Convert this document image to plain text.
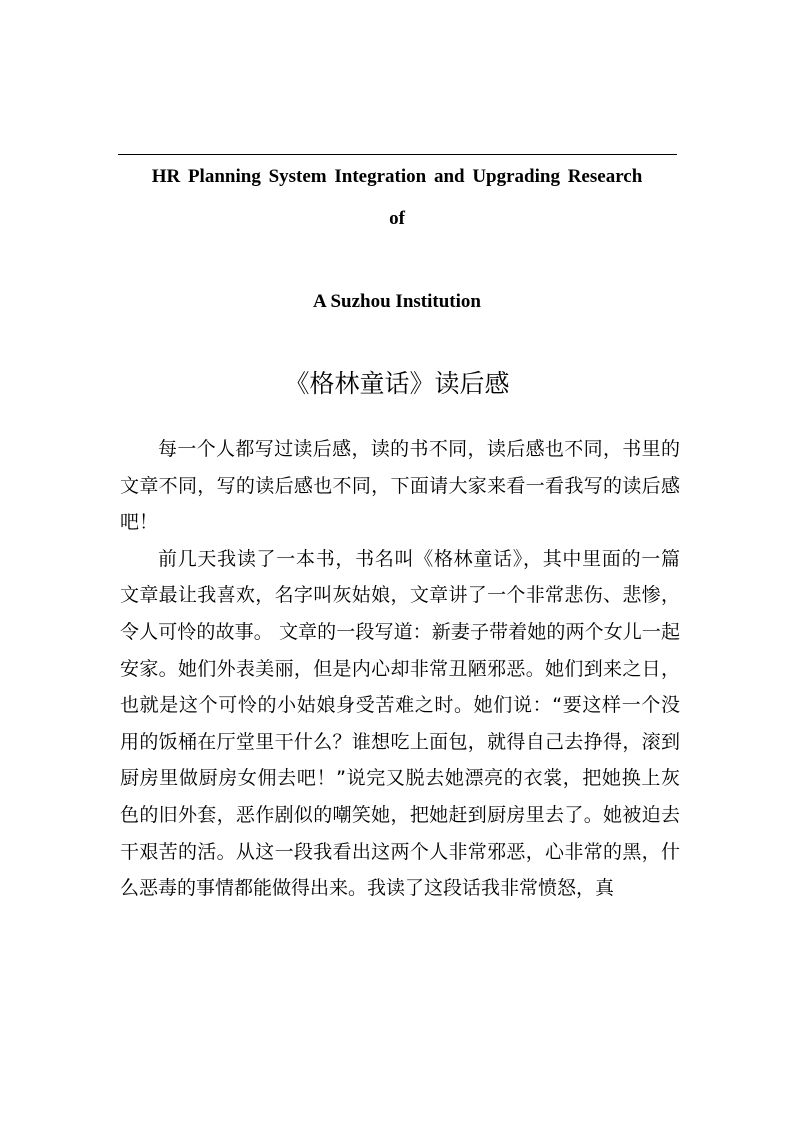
HR Planning System Integration and Upgrading Research
of
A Suzhou Institution
《格林童话》读后感

每一个人都写过读后感，读的书不同，读后感也不同，书里的文章不同，写的读后感也不同，下面请大家来看一看我写的读后感吧！

前几天我读了一本书，书名叫《格林童话》，其中里面的一篇文章最让我喜欢，名字叫灰姑娘，文章讲了一个非常悲伤、悲惨，令人可怜的故事。 文章的一段写道：新妻子带着她的两个女儿一起安家。她们外表美丽，但是内心却非常丑陋邪恶。她们到来之日，也就是这个可怜的小姑娘身受苦难之时。她们说：“要这样一个没用的饭桶在厅堂里干什么？谁想吃上面包，就得自己去挣得，滚到厨房里做厨房女佣去吧！”说完又脱去她漂亮的衣裳，把她换上灰色的旧外套，恶作剧似的嘲笑她，把她赶到厨房里去了。她被迫去干艰苦的活。从这一段我看出这两个人非常邪恶，心非常的黑，什么恶毒的事情都能做得出来。我读了这段话我非常愤怒，真
